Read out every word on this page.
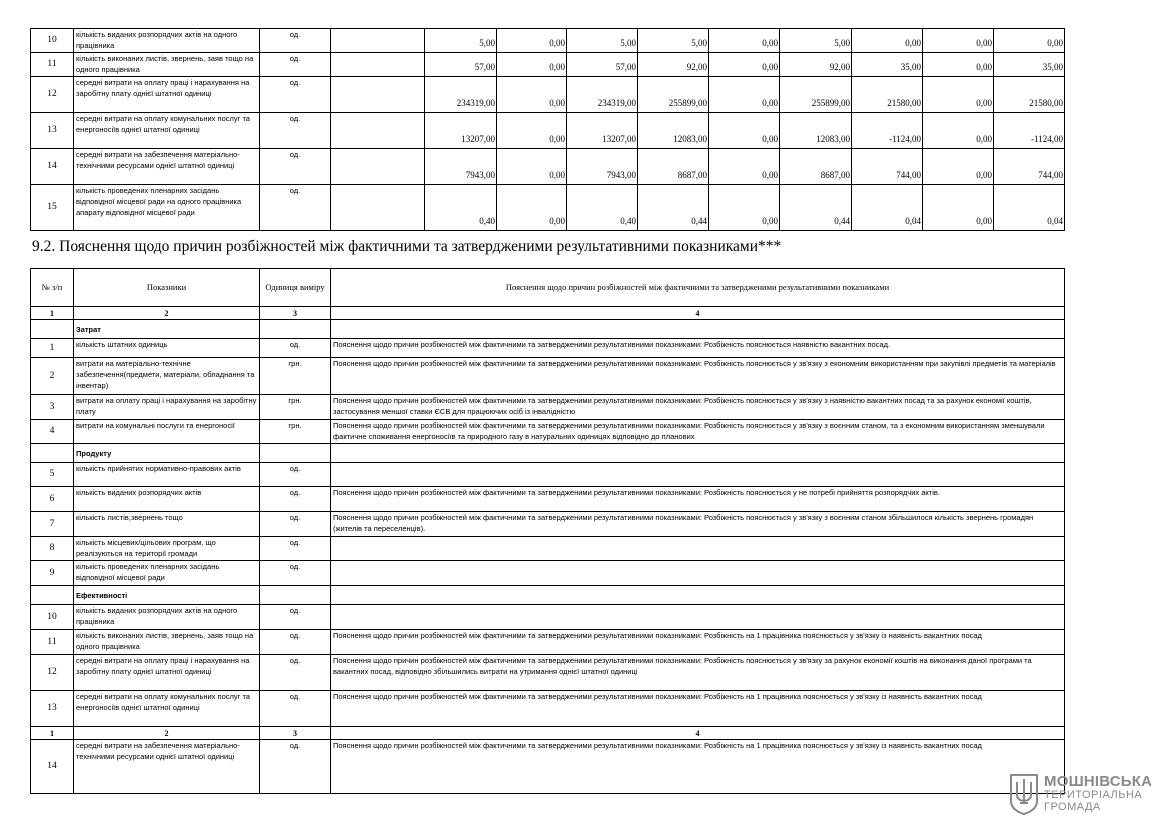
10	кількість виданих розпорядчих актів на одного працівника	од.		5,00	0,00	5,00	5,00	0,00	5,00	0,00	0,00	0,00
11	кількість виконаних листів, звернень, заяв тощо на одного працівника	од.		57,00	0,00	57,00	92,00	0,00	92,00	35,00	0,00	35,00
12	середні витрати на оплату праці і нарахування на заробітну плату однієї штатної одиниці	од.		234319,00	0,00	234319,00	255899,00	0,00	255899,00	21580,00	0,00	21580,00
13	середні витрати на оплату комунальних послуг та енергоносіїв однієї штатної одиниці	од.		13207,00	0,00	13207,00	12083,00	0,00	12083,00	-1124,00	0,00	-1124,00
14	середні витрати на забезпечення матеріально-технічними ресурсами однієї штатної одиниці	од.		7943,00	0,00	7943,00	8687,00	0,00	8687,00	744,00	0,00	744,00
15	кількість проведених пленарних засідань відповідної місцевої ради на одного працівника апарату відповідної місцевої ради	од.		0,40	0,00	0,40	0,44	0,00	0,44	0,04	0,00	0,04
9.2. Пояснення щодо причин розбіжностей між фактичними та затвердженими результативними показниками***
№ з/п	Показники	Одиниця виміру	Пояснення щодо причин розбіжностей між фактичними та затвердженими результативними показниками
1	2	3	4
	Затрат		
1	кількість штатних одиниць	од.	Пояснення щодо причин розбіжностей між фактичними та затвердженими результативними показниками: Розбіжність пояснюється наявністю вакантних посад.
2	витрати на матеріально-технічне забезпечення(предмети, матеріали, обладнання та інвентар)	грн.	Пояснення щодо причин розбіжностей між фактичними та затвердженими результативними показниками: Розбіжність пояснюється у зв'язку з економним використанням при закупівлі предметів та матеріалів
3	витрати на оплату праці і нарахування на заробітну плату	грн.	Пояснення щодо причин розбіжностей між фактичними та затвердженими результативними показниками: Розбіжність пояснюється у зв'язку з наявністю вакантних посад та за рахунок економії коштів, застосування меншої ставки ЄСВ для працюючих осіб із інвалідністю
4	витрати на комунальні послуги та енергоносії	грн.	Пояснення щодо причин розбіжностей між фактичними та затвердженими результативними показниками: Розбіжність пояснюється у зв'язку з воєнним станом, та з економним використанням зменшували фактичне споживання енергоносіїв та природного газу в натуральних одиницях відповідно до планових
	Продукту		
5	кількість прийнятих нормативно-правових актів	од.	
6	кількість виданих розпорядчих актів	од.	Пояснення щодо причин розбіжностей між фактичними та затвердженими результативними показниками: Розбіжність пояснюється у не потребі прийняття розпорядчих актів.
7	кількість листів,звернень тощо	од.	Пояснення щодо причин розбіжностей між фактичними та затвердженими результативними показниками: Розбіжність пояснюється у зв'язку з воєнним станом збільшилося кількість звернень громадян (жителів та переселенців).
8	кількість місцевих/цільових програм, що реалізуються на території громади	од.	
9	кількість проведених пленарних засідань відповідної місцевої ради	од.	
	Ефективності		
10	кількість виданих розпорядчих актів на одного працівника	од.	
11	кількість виконаних листів, звернень, заяв тощо на одного працівника	од.	Пояснення щодо причин розбіжностей між фактичними та затвердженими результативними показниками: Розбіжність на 1 працівника пояснюється у зв'язку із наявність вакантних посад
12	середні витрати на оплату праці і нарахування на заробітну плату однієї штатної одиниці	од.	Пояснення щодо причин розбіжностей між фактичними та затвердженими результативними показниками: Розбіжність пояснюється у зв'язку за рахунок економії коштів на виконання даної програми та вакантних посад, відповідно збільшились витрати на утримання однієї штатної одиниці
13	середні витрати на оплату комунальних послуг та енергоносіїв однієї штатної одиниці	од.	Пояснення щодо причин розбіжностей між фактичними та затвердженими результативними показниками: Розбіжність на 1 працівника пояснюється у зв'язку із наявність вакантних посад
1	2	3	4
14	середні витрати на забезпечення матеріально-технічними ресурсами однієї штатної одиниці	од.	Пояснення щодо причин розбіжностей між фактичними та затвердженими результативними показниками: Розбіжність на 1 працівника пояснюється у зв'язку із наявність вакантних посад
МОШНІВСЬКА
ТЕРИТОРІАЛЬНА
ГРОМАДА
